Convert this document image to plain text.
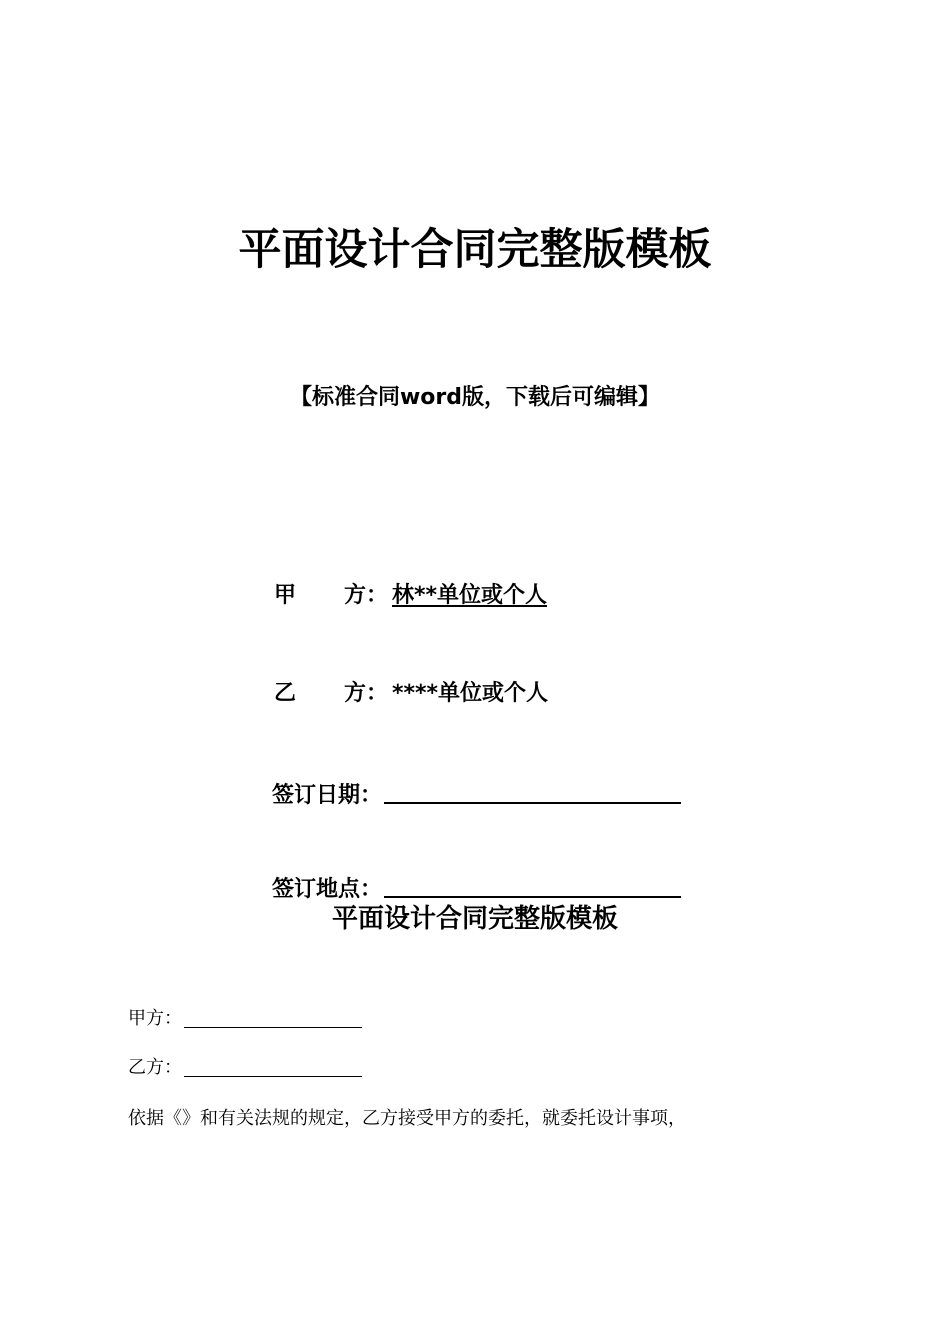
平面设计合同完整版模板
【标准合同word版，下载后可编辑】
甲 方： 林**单位或个人
乙 方： ****单位或个人
签订日期：
签订地点：
平面设计合同完整版模板
甲方：
乙方：
依据《》和有关法规的规定，乙方接受甲方的委托，就委托设计事项，
